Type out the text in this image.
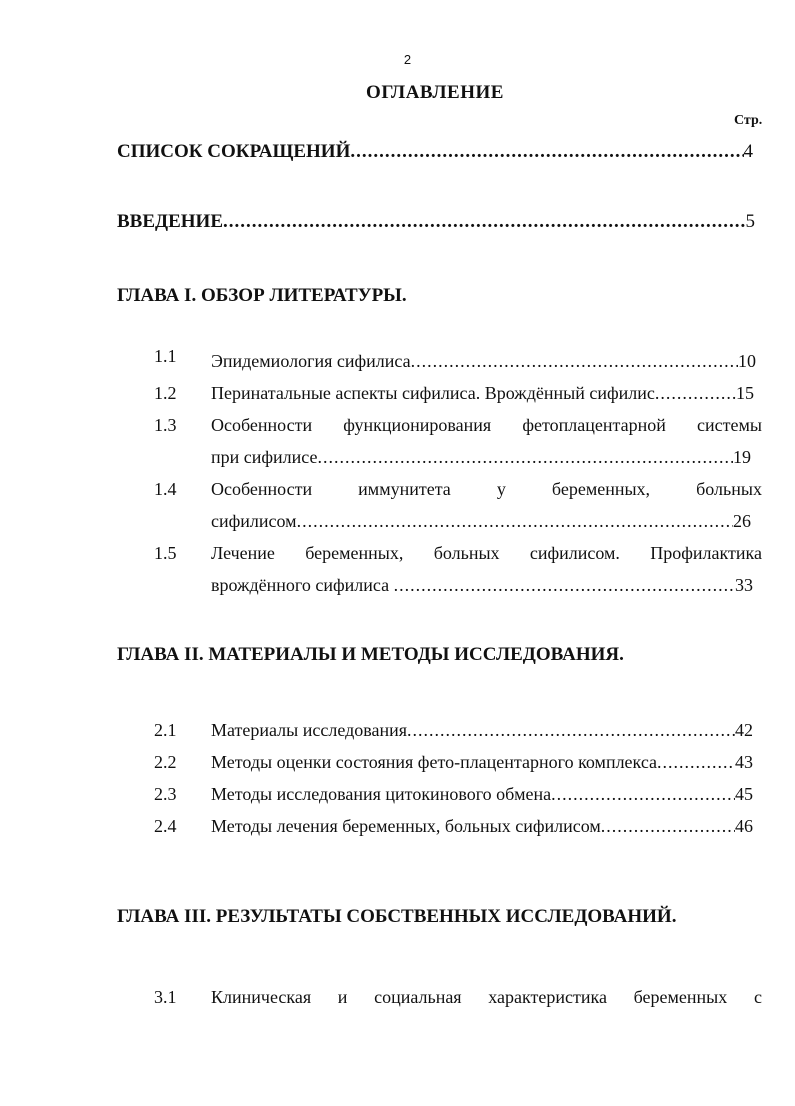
2
ОГЛАВЛЕНИЕ
Стр.
СПИСОК СОКРАЩЕНИЙ .....	4
ВВЕДЕНИЕ .....	5
ГЛАВА I. ОБЗОР ЛИТЕРАТУРЫ.
1.1 Эпидемиология сифилиса .....	10
1.2 Перинатальные аспекты сифилиса. Врождённый сифилис .....	15
1.3 Особенности функционирования фетоплацентарной системы
при сифилисе .....	19
1.4 Особенности	иммунитета	у	беременных,	больных
сифилисом .....	26
1.5 Лечение беременных, больных сифилисом. Профилактика
врождённого сифилиса .....	33
ГЛАВА II. МАТЕРИАЛЫ И МЕТОДЫ ИССЛЕДОВАНИЯ.
2.1 Материалы исследования .....	42
2.2 Методы оценки состояния фето-плацентарного комплекса .....	43
2.3 Методы исследования цитокинового обмена .....	45
2.4 Методы лечения беременных, больных сифилисом .....	46
ГЛАВА III. РЕЗУЛЬТАТЫ СОБСТВЕННЫХ ИССЛЕДОВАНИЙ.
3.1 Клиническая и социальная характеристика беременных с
